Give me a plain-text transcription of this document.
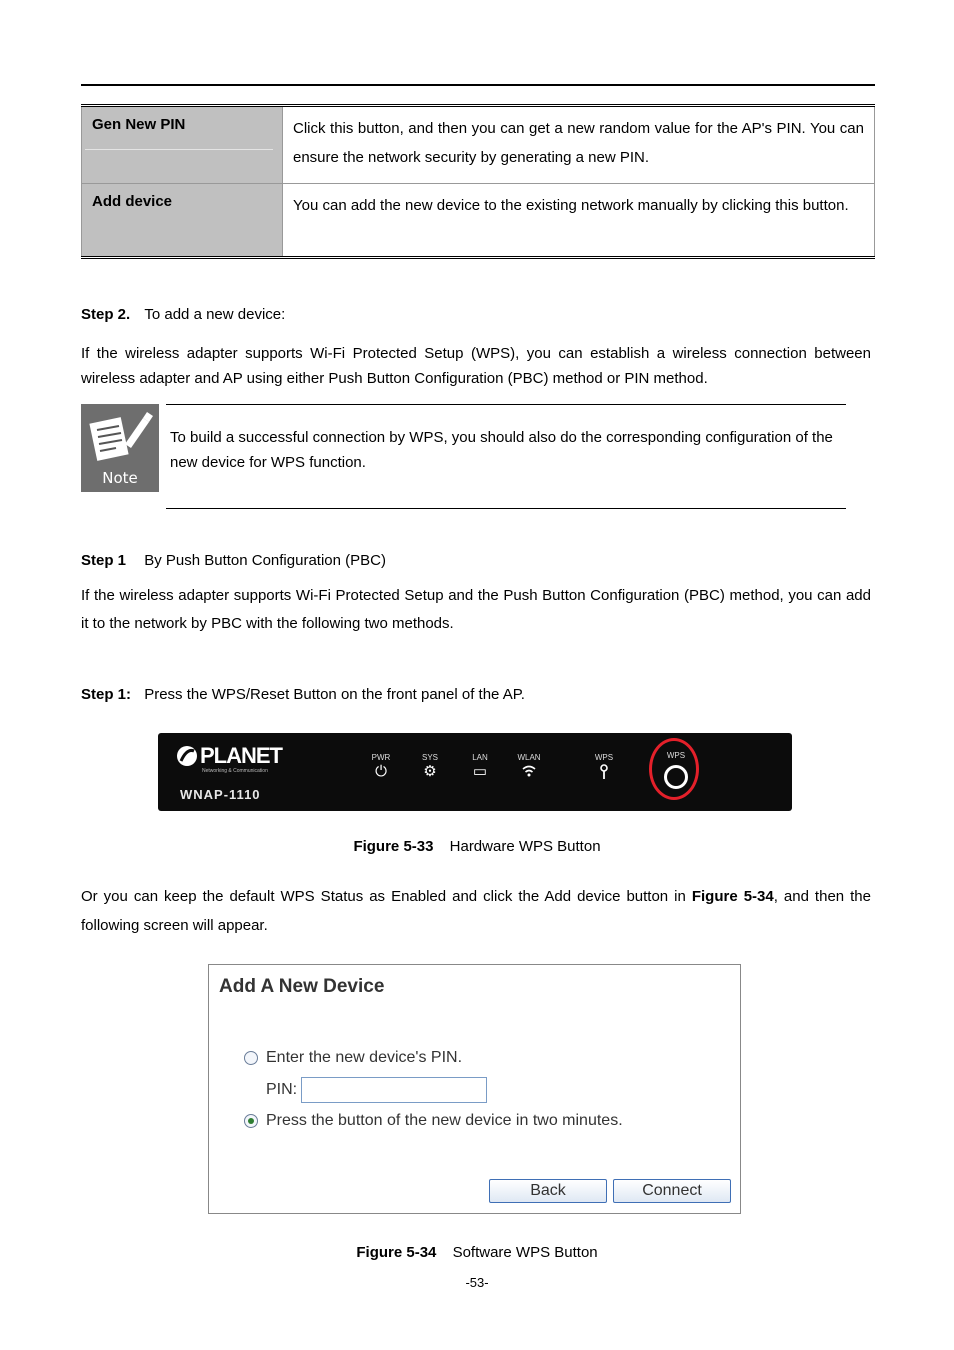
Gen New PIN	Click this button, and then you can get a new random value for the AP's PIN. You can ensure the network security by generating a new PIN.
Add device	You can add the new device to the existing network manually by clicking this button.
Step 2. To add a new device:
If the wireless adapter supports Wi-Fi Protected Setup (WPS), you can establish a wireless connection between wireless adapter and AP using either Push Button Configuration (PBC) method or PIN method.
Note
To build a successful connection by WPS, you should also do the corresponding configuration of the new device for WPS function.
Step 1 By Push Button Configuration (PBC)
If the wireless adapter supports Wi-Fi Protected Setup and the Push Button Configuration (PBC) method, you can add it to the network by PBC with the following two methods.
Step 1: Press the WPS/Reset Button on the front panel of the AP.
PLANET
Networking & Communication
WNAP-1110
PWR
⏻
SYS
⚙
LAN
▭
WLAN	WPS	WPS
Figure 5-33 Hardware WPS Button
Or you can keep the default WPS Status as Enabled and click the Add device button in Figure 5-34, and then the following screen will appear.
Add A New Device
Enter the new device's PIN.
PIN:
Press the button of the new device in two minutes.
Back	Connect
Figure 5-34 Software WPS Button
-53-
